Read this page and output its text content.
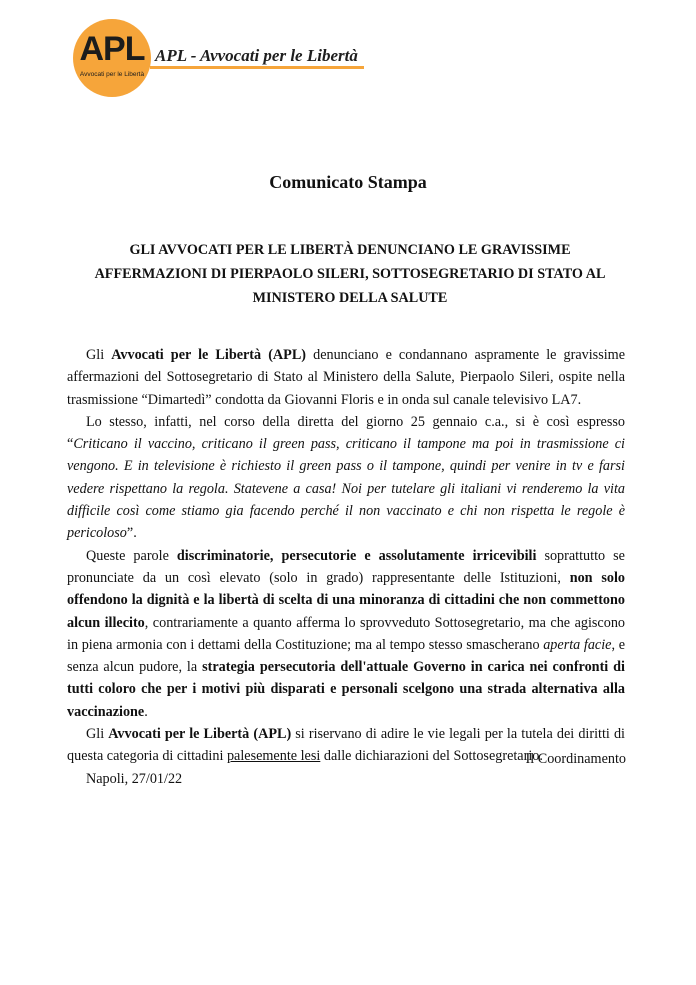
APL
Avvocati per le Libertà
APL - Avvocati per le Libertà
Comunicato Stampa
GLI AVVOCATI PER LE LIBERTÀ DENUNCIANO LE GRAVISSIME AFFERMAZIONI DI PIERPAOLO SILERI, SOTTOSEGRETARIO DI STATO AL MINISTERO DELLA SALUTE

Gli Avvocati per le Libertà (APL) denunciano e condannano aspramente le gravissime affermazioni del Sottosegretario di Stato al Ministero della Salute, Pierpaolo Sileri, ospite nella trasmissione “Dimartedì” condotta da Giovanni Floris e in onda sul canale televisivo LA7.

Lo stesso, infatti, nel corso della diretta del giorno 25 gennaio c.a., si è così espresso “Criticano il vaccino, criticano il green pass, criticano il tampone ma poi in trasmissione ci vengono. E in televisione è richiesto il green pass o il tampone, quindi per venire in tv e farsi vedere rispettano la regola. Statevene a casa! Noi per tutelare gli italiani vi renderemo la vita difficile così come stiamo gia facendo perché il non vaccinato e chi non rispetta le regole è pericoloso”.

Queste parole discriminatorie, persecutorie e assolutamente irricevibili soprattutto se pronunciate da un così elevato (solo in grado) rappresentante delle Istituzioni, non solo offendono la dignità e la libertà di scelta di una minoranza di cittadini che non commettono alcun illecito, contrariamente a quanto afferma lo sprovveduto Sottosegretario, ma che agiscono in piena armonia con i dettami della Costituzione; ma al tempo stesso smascherano aperta facie, e senza alcun pudore, la strategia persecutoria dell'attuale Governo in carica nei confronti di tutti coloro che per i motivi più disparati e personali scelgono una strada alternativa alla vaccinazione.

Gli Avvocati per le Libertà (APL) si riservano di adire le vie legali per la tutela dei diritti di questa categoria di cittadini palesemente lesi dalle dichiarazioni del Sottosegretario.

Napoli, 27/01/22

Il Coordinamento
